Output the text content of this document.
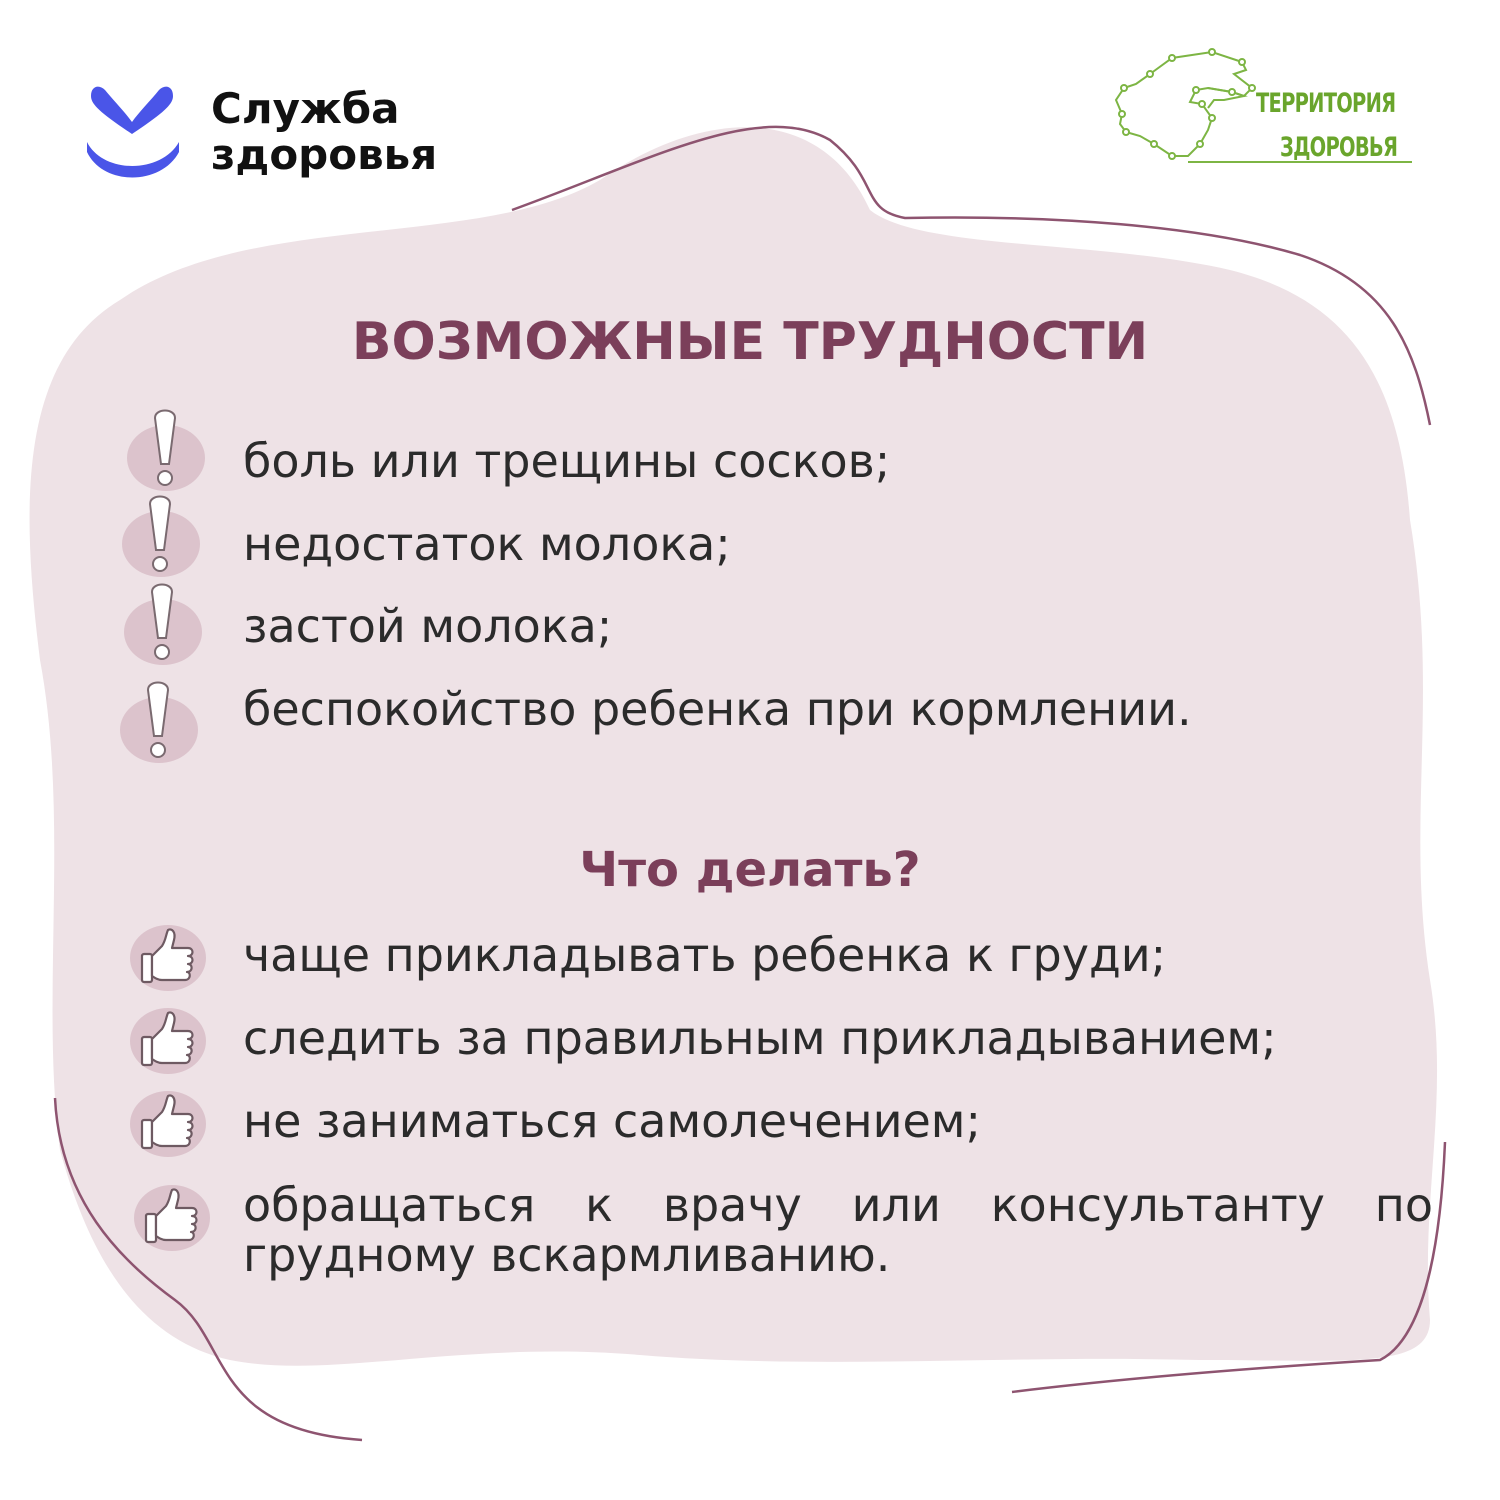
Служба
здоровья
ТЕРРИТОРИЯ
ЗДОРОВЬЯ
ВОЗМОЖНЫЕ ТРУДНОСТИ
боль или трещины сосков;
недостаток молока;
застой молока;
беспокойство ребенка при кормлении.
Что делать?
чаще прикладывать ребенка к груди;
следить за правильным прикладыванием;
не заниматься самолечением;
обращаться к врачу или консультанту по грудному вскармливанию.
